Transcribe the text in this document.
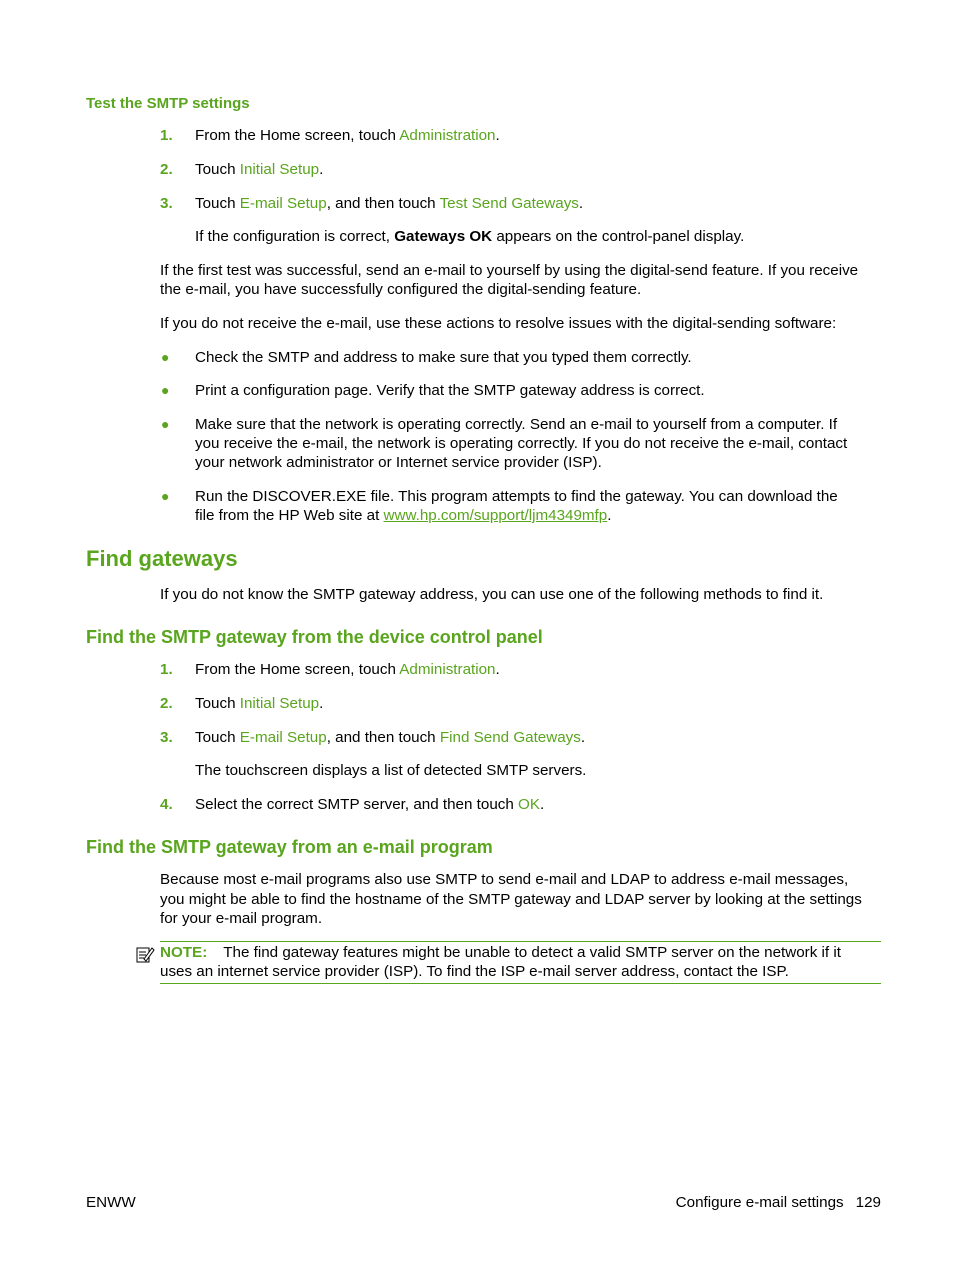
Test the SMTP settings
1. From the Home screen, touch Administration.
2. Touch Initial Setup.
3. Touch E-mail Setup, and then touch Test Send Gateways.
If the configuration is correct, Gateways OK appears on the control-panel display.
If the first test was successful, send an e-mail to yourself by using the digital-send feature. If you receive
the e-mail, you have successfully configured the digital-sending feature.
If you do not receive the e-mail, use these actions to resolve issues with the digital-sending software:
● Check the SMTP and address to make sure that you typed them correctly.
● Print a configuration page. Verify that the SMTP gateway address is correct.
● Make sure that the network is operating correctly. Send an e-mail to yourself from a computer. If
you receive the e-mail, the network is operating correctly. If you do not receive the e-mail, contact
your network administrator or Internet service provider (ISP).
● Run the DISCOVER.EXE file. This program attempts to find the gateway. You can download the
file from the HP Web site at www.hp.com/support/ljm4349mfp.
Find gateways
If you do not know the SMTP gateway address, you can use one of the following methods to find it.
Find the SMTP gateway from the device control panel
1. From the Home screen, touch Administration.
2. Touch Initial Setup.
3. Touch E-mail Setup, and then touch Find Send Gateways.
The touchscreen displays a list of detected SMTP servers.
4. Select the correct SMTP server, and then touch OK.
Find the SMTP gateway from an e-mail program
Because most e-mail programs also use SMTP to send e-mail and LDAP to address e-mail messages,
you might be able to find the hostname of the SMTP gateway and LDAP server by looking at the settings
for your e-mail program.
NOTE: The find gateway features might be unable to detect a valid SMTP server on the network if it
uses an internet service provider (ISP). To find the ISP e-mail server address, contact the ISP.
ENWW	Configure e-mail settings 129
